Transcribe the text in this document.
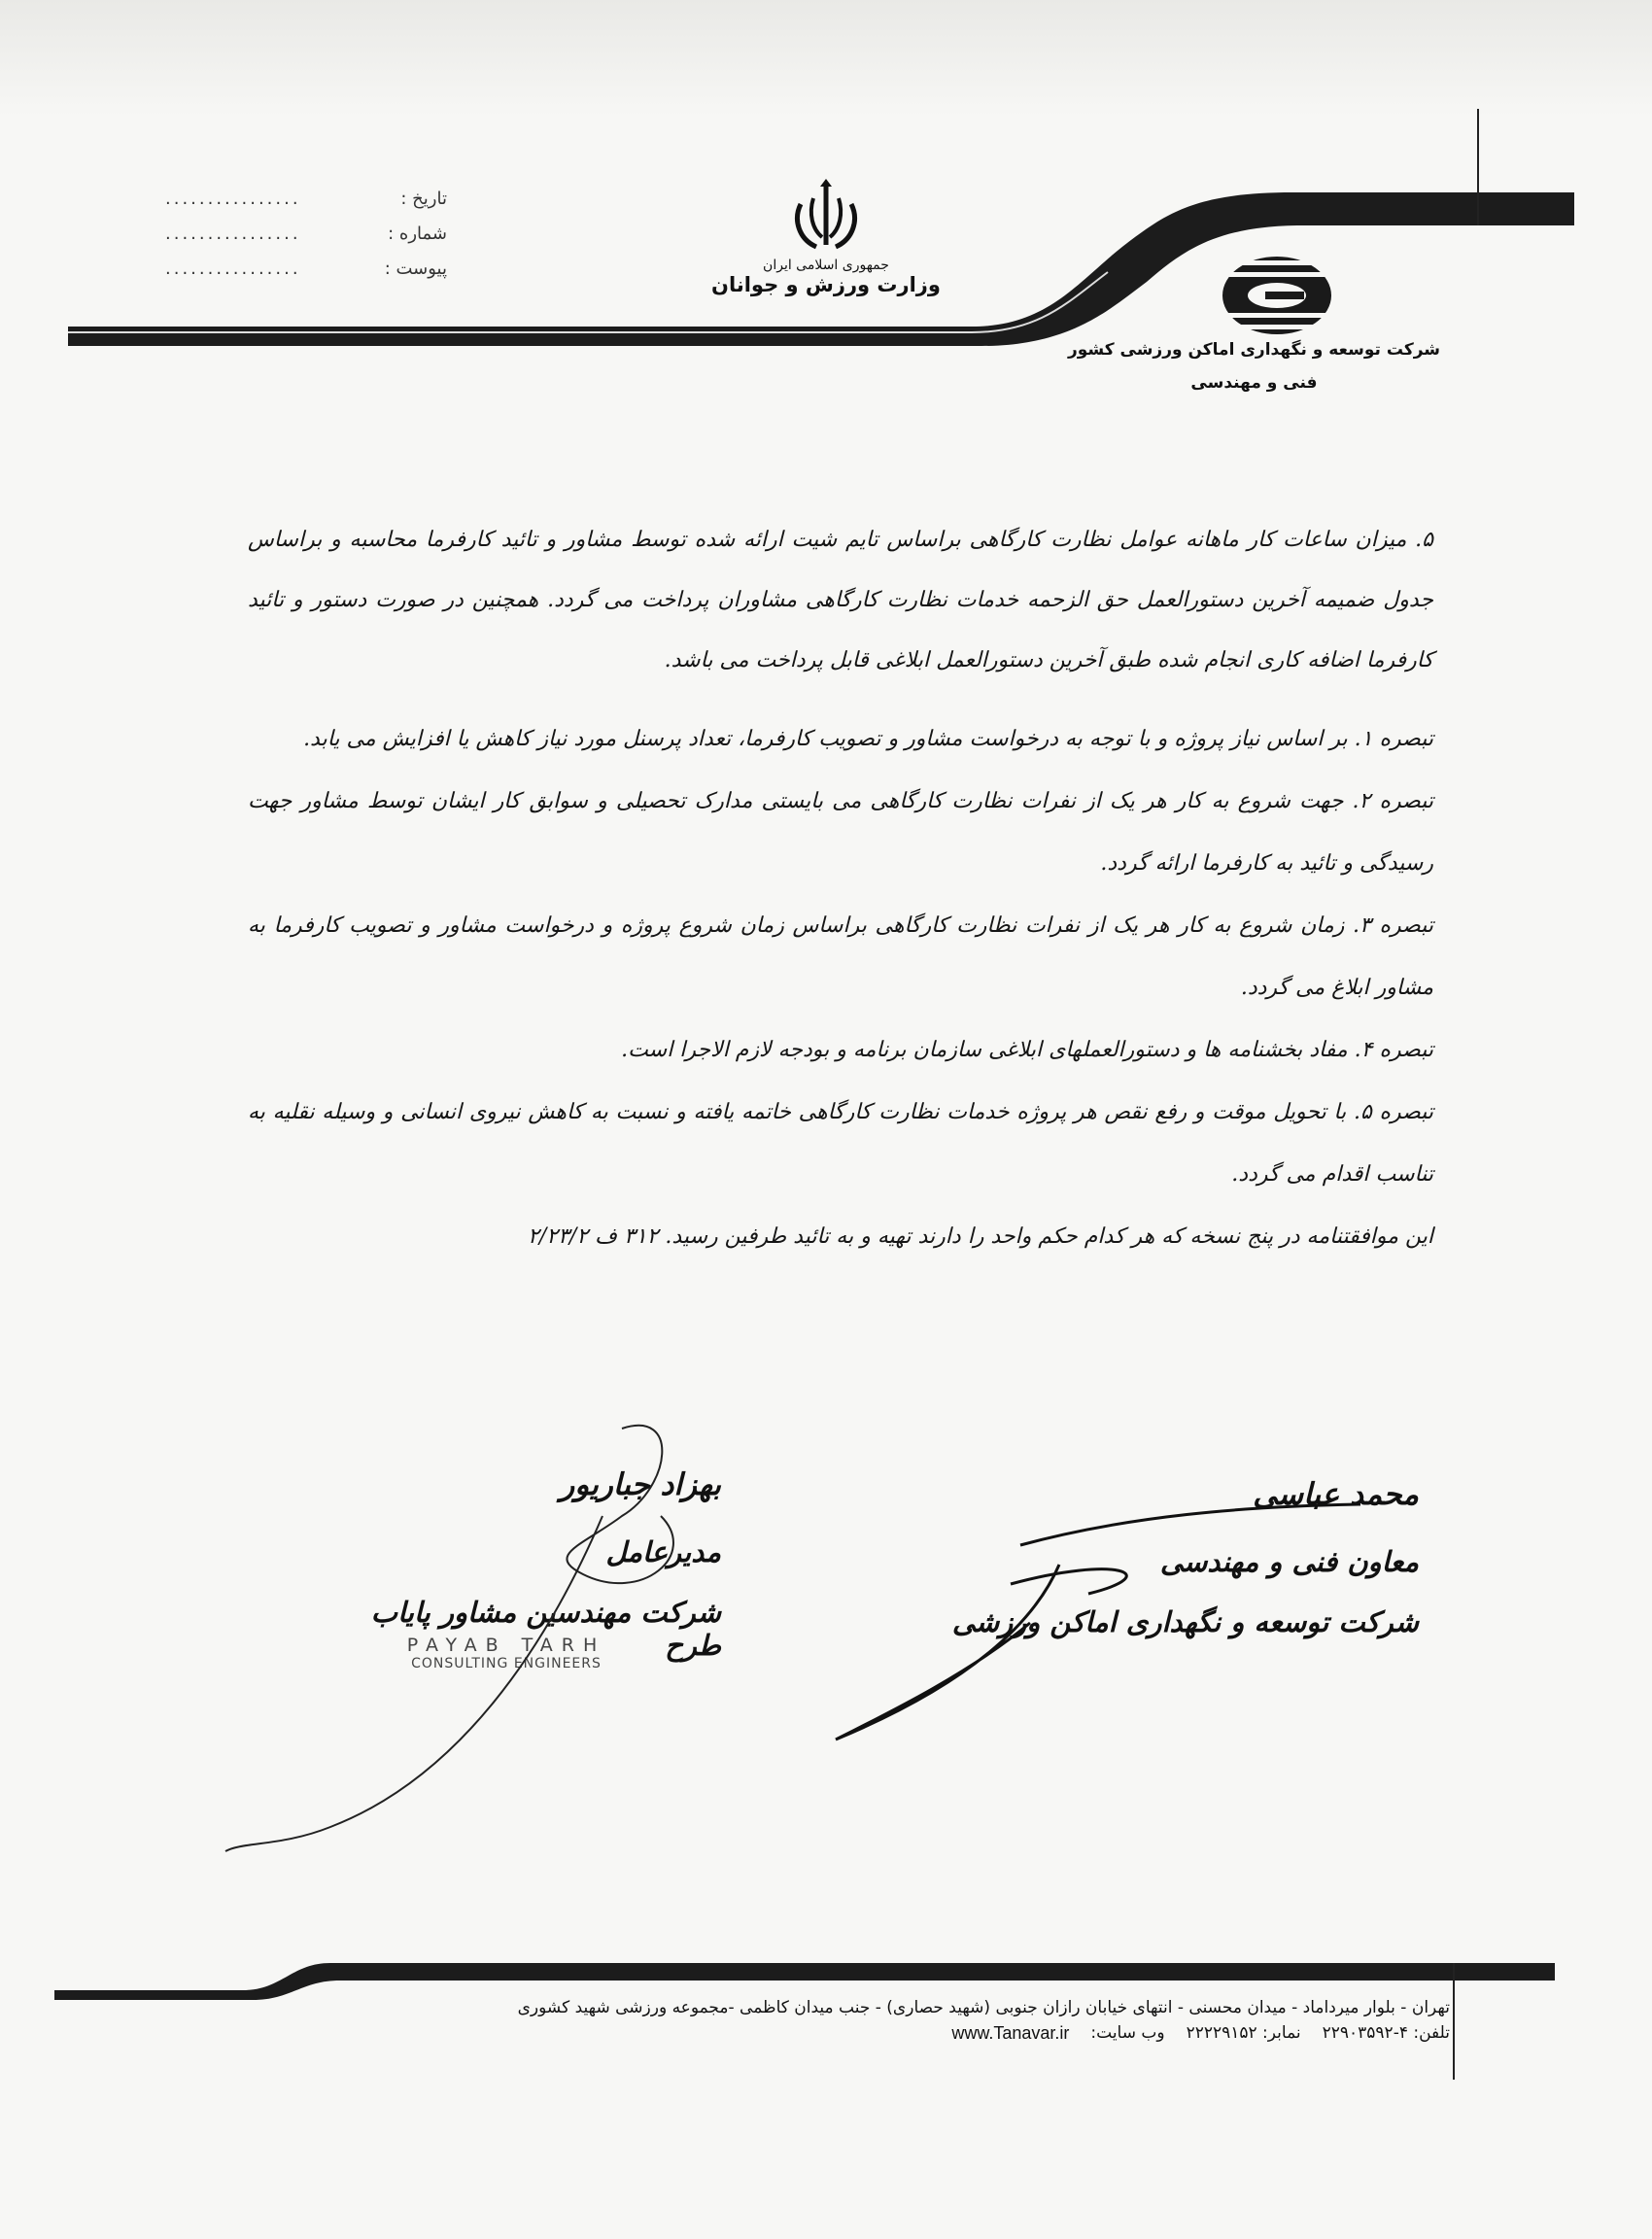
تاریخ :
................
شماره :
................
پیوست :
................	جمهوری اسلامی ایران
وزارت ورزش و جوانان
شرکت توسعه و نگهداری اماکن ورزشی کشور
فنی و مهندسی

۵. میزان ساعات کار ماهانه عوامل نظارت کارگاهی براساس تایم شیت ارائه شده توسط مشاور و تائید کارفرما محاسبه و براساس جدول ضمیمه آخرین دستورالعمل حق الزحمه خدمات نظارت کارگاهی مشاوران پرداخت می گردد. همچنین در صورت دستور و تائید کارفرما اضافه کاری انجام شده طبق آخرین دستورالعمل ابلاغی قابل پرداخت می باشد.

تبصره ۱. بر اساس نیاز پروژه و با توجه به درخواست مشاور و تصویب کارفرما، تعداد پرسنل مورد نیاز کاهش یا افزایش می یابد.

تبصره ۲. جهت شروع به کار هر یک از نفرات نظارت کارگاهی می بایستی مدارک تحصیلی و سوابق کار ایشان توسط مشاور جهت رسیدگی و تائید به کارفرما ارائه گردد.

تبصره ۳. زمان شروع به کار هر یک از نفرات نظارت کارگاهی براساس زمان شروع پروژه و درخواست مشاور و تصویب کارفرما به مشاور ابلاغ می گردد.

تبصره ۴. مفاد بخشنامه ها و دستورالعملهای ابلاغی سازمان برنامه و بودجه لازم الاجرا است.

تبصره ۵. با تحویل موقت و رفع نقص هر پروژه خدمات نظارت کارگاهی خاتمه یافته و نسبت به کاهش نیروی انسانی و وسیله نقلیه به تناسب اقدام می گردد.

این موافقتنامه در پنج نسخه که هر کدام حکم واحد را دارند تهیه و به تائید طرفین رسید. ۳۱۲ ف ۲/۲۳/۲

بهزاد جباریور
مدیرعامل
شرکت مهندسین مشاور پایاب طرح
PAYAB TARH
CONSULTING ENGINEERS
محمد عباسی
معاون فنی و مهندسی
شرکت توسعه و نگهداری اماکن ورزشی
تهران - بلوار میرداماد - میدان محسنی - انتهای خیابان رازان جنوبی (شهید حصاری) - جنب میدان کاظمی -مجموعه ورزشی شهید کشوری
تلفن: ۴-۲۲۹۰۳۵۹۲
نمابر: ۲۲۲۲۹۱۵۲
وب سایت:
www.Tanavar.ir
